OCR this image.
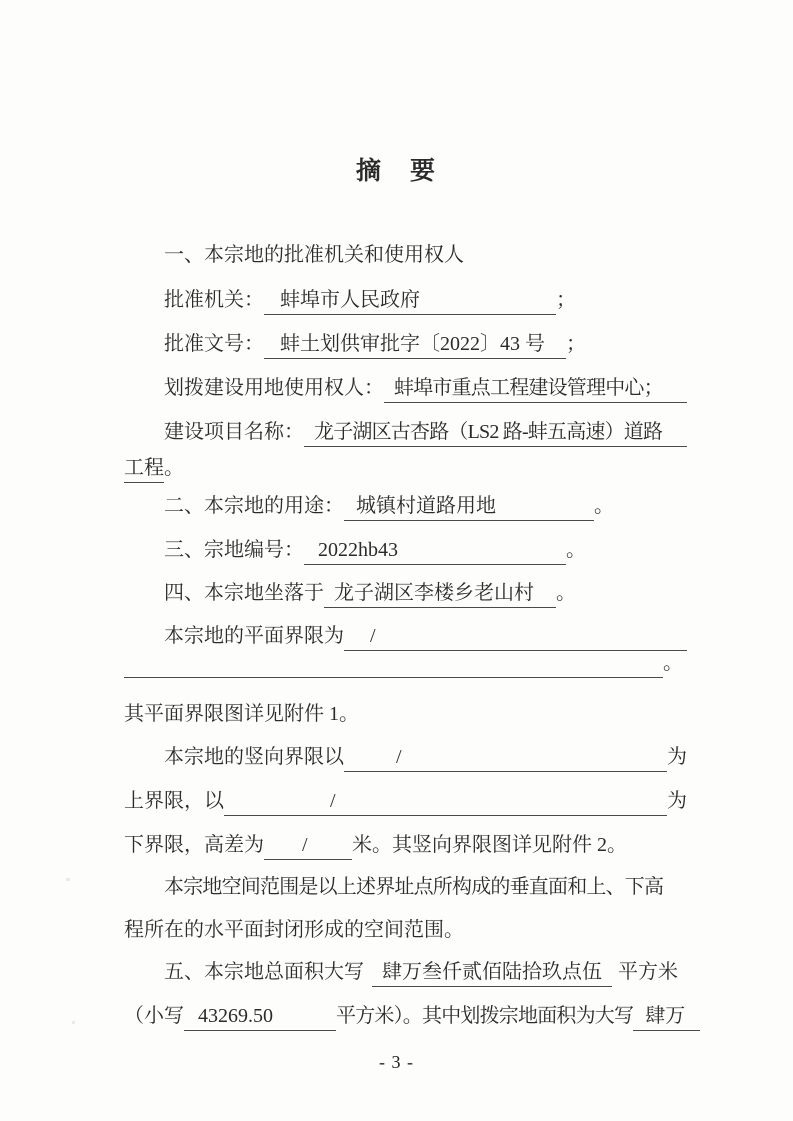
摘　要
一、本宗地的批准机关和使用权人
批准机关： 蚌埠市人民政府	；
批准文号： 蚌土划供审批字〔2022〕43 号	；
划拨建设用地使用权人： 蚌埠市重点工程建设管理中心；
建设项目名称： 龙子湖区古杏路（LS2 路-蚌五高速）道路
工程 。
二、本宗地的用途： 城镇村道路用地	。
三、宗地编号： 2022hb43	。
四、本宗地坐落于 龙子湖区李楼乡老山村	。
本宗地的平面界限为	/
。
其平面界限图详见附件 1。
本宗地的竖向界限以	/	为
上界限，以	/	为
下界限，高差为	/	米。其竖向界限图详见附件 2。
本宗地空间范围是以上述界址点所构成的垂直面和上、下高
程所在的水平面封闭形成的空间范围。
五、本宗地总面积大写 肆万叁仟贰佰陆拾玖点伍 平方米
（小写 43269.50	平方米）。其中划拨宗地面积为大写 肆万
- 3 -
